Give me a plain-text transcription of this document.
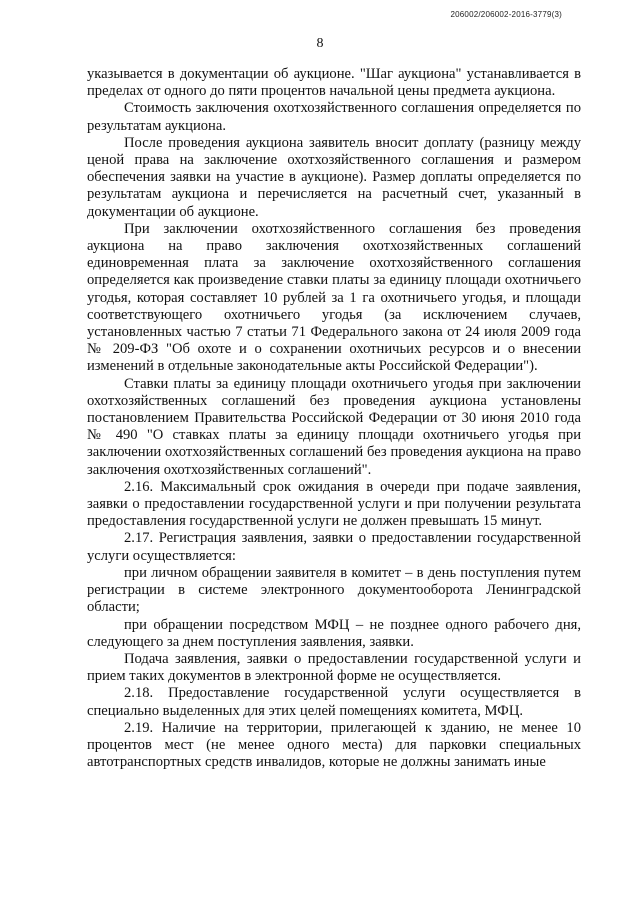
206002/206002-2016-3779(3)
8

указывается в документации об аукционе. "Шаг аукциона" устанавливается в пределах от одного до пяти процентов начальной цены предмета аукциона.

Стоимость заключения охотхозяйственного соглашения определяется по результатам аукциона.

После проведения аукциона заявитель вносит доплату (разницу между ценой права на заключение охотхозяйственного соглашения и размером обеспечения заявки на участие в аукционе). Размер доплаты определяется по результатам аукциона и перечисляется на расчетный счет, указанный в документации об аукционе.

При заключении охотхозяйственного соглашения без проведения аукциона на право заключения охотхозяйственных соглашений единовременная плата за заключение охотхозяйственного соглашения определяется как произведение ставки платы за единицу площади охотничьего угодья, которая составляет 10 рублей за 1 га охотничьего угодья, и площади соответствующего охотничьего угодья (за исключением случаев, установленных частью 7 статьи 71 Федерального закона от 24 июля 2009 года № 209-ФЗ "Об охоте и о сохранении охотничьих ресурсов и о внесении изменений в отдельные законодательные акты Российской Федерации").

Ставки платы за единицу площади охотничьего угодья при заключении охотхозяйственных соглашений без проведения аукциона установлены постановлением Правительства Российской Федерации от 30 июня 2010 года № 490 "О ставках платы за единицу площади охотничьего угодья при заключении охотхозяйственных соглашений без проведения аукциона на право заключения охотхозяйственных соглашений".

2.16. Максимальный срок ожидания в очереди при подаче заявления, заявки о предоставлении государственной услуги и при получении результата предоставления государственной услуги не должен превышать 15 минут.

2.17. Регистрация заявления, заявки о предоставлении государственной услуги осуществляется:

при личном обращении заявителя в комитет – в день поступления путем регистрации в системе электронного документооборота Ленинградской области;

при обращении посредством МФЦ – не позднее одного рабочего дня, следующего за днем поступления заявления, заявки.

Подача заявления, заявки о предоставлении государственной услуги и прием таких документов в электронной форме не осуществляется.

2.18. Предоставление государственной услуги осуществляется в специально выделенных для этих целей помещениях комитета, МФЦ.

2.19. Наличие на территории, прилегающей к зданию, не менее 10 процентов мест (не менее одного места) для парковки специальных автотранспортных средств инвалидов, которые не должны занимать иные
